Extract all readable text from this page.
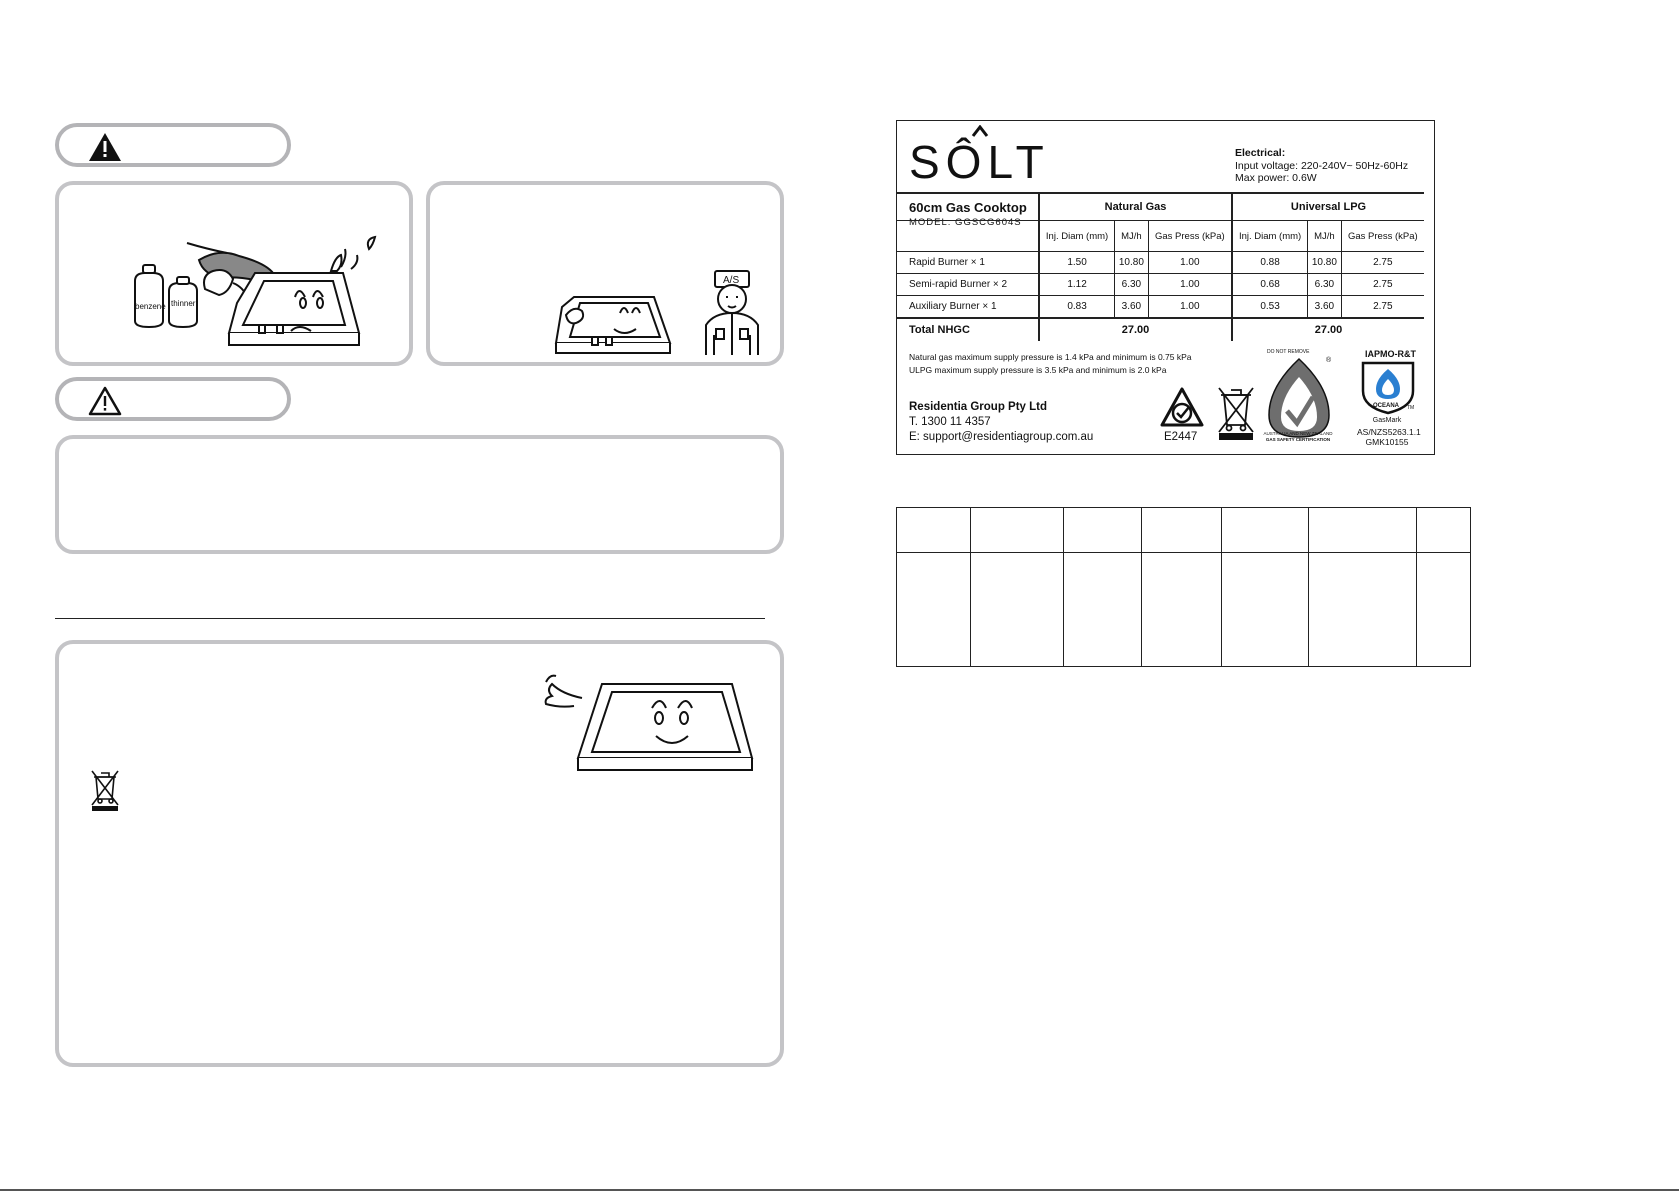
benzene thinner
A/S
SÔLT	Electrical:
Input voltage: 220-240V~ 50Hz-60Hz
Max power: 0.6W
60cm Gas Cooktop
MODEL: GGSCG604S
	Natural Gas			Universal LPG		
	Inj. Diam (mm)	MJ/h	Gas Press (kPa)	Inj. Diam (mm)	MJ/h	Gas Press (kPa)
Rapid Burner × 1	1.50	10.80	1.00	0.88	10.80	2.75
Semi-rapid Burner × 2	1.12	6.30	1.00	0.68	6.30	2.75
Auxiliary Burner × 1	0.83	3.60	1.00	0.53	3.60	2.75
Total NHGC	27.00			27.00		
Natural gas maximum supply pressure is 1.4 kPa and minimum is 0.75 kPa
ULPG maximum supply pressure is 3.5 kPa and minimum is 2.0 kPa
Residentia Group Pty Ltd
T. 1300 11 4357
E: support@residentiagroup.com.au	E2447
DO NOT REMOVE
®
AUSTRALIA AND NEW ZEALAND
GAS SAFETY CERTIFICATION
IAPMO-R&T
OCEANA TM
GasMark
AS/NZS5263.1.1
GMK10155
